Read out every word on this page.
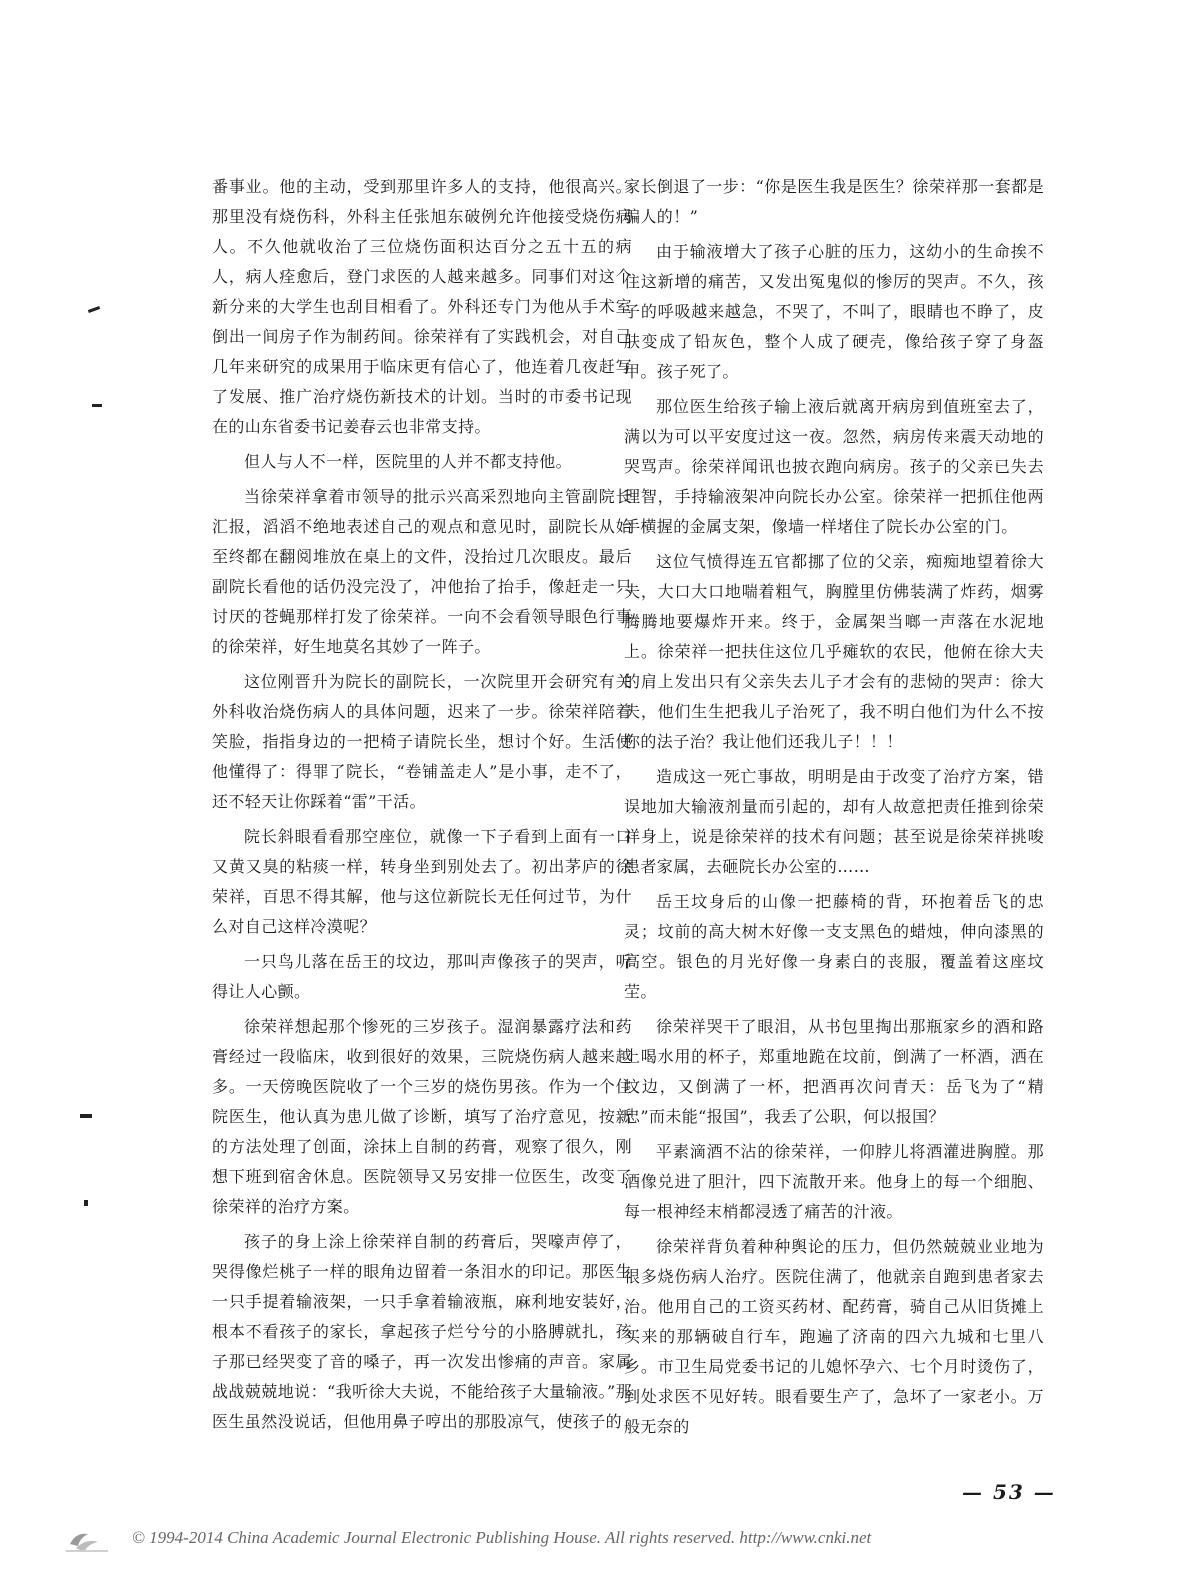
番事业。他的主动，受到那里许多人的支持，他很高兴。那里没有烧伤科，外科主任张旭东破例允许他接受烧伤病人。不久他就收治了三位烧伤面积达百分之五十五的病人，病人痊愈后，登门求医的人越来越多。同事们对这个新分来的大学生也刮目相看了。外科还专门为他从手术室倒出一间房子作为制药间。徐荣祥有了实践机会，对自己几年来研究的成果用于临床更有信心了，他连着几夜赶写了发展、推广治疗烧伤新技术的计划。当时的市委书记现在的山东省委书记姜春云也非常支持。

但人与人不一样，医院里的人并不都支持他。

当徐荣祥拿着市领导的批示兴高采烈地向主管副院长汇报，滔滔不绝地表述自己的观点和意见时，副院长从始至终都在翻阅堆放在桌上的文件，没抬过几次眼皮。最后副院长看他的话仍没完没了，冲他抬了抬手，像赶走一只讨厌的苍蝇那样打发了徐荣祥。一向不会看领导眼色行事的徐荣祥，好生地莫名其妙了一阵子。

这位刚晋升为院长的副院长，一次院里开会研究有关外科收治烧伤病人的具体问题，迟来了一步。徐荣祥陪着笑脸，指指身边的一把椅子请院长坐，想讨个好。生活使他懂得了：得罪了院长，“卷铺盖走人”是小事，走不了，还不轻天让你踩着“雷”干活。

院长斜眼看看那空座位，就像一下子看到上面有一口又黄又臭的粘痰一样，转身坐到别处去了。初出茅庐的徐荣祥，百思不得其解，他与这位新院长无任何过节，为什么对自己这样冷漠呢？

一只鸟儿落在岳王的坟边，那叫声像孩子的哭声，听得让人心颤。

徐荣祥想起那个惨死的三岁孩子。湿润暴露疗法和药膏经过一段临床，收到很好的效果，三院烧伤病人越来越多。一天傍晚医院收了一个三岁的烧伤男孩。作为一个住院医生，他认真为患儿做了诊断，填写了治疗意见，按新的方法处理了创面，涂抹上自制的药膏，观察了很久，刚想下班到宿舍休息。医院领导又另安排一位医生，改变了徐荣祥的治疗方案。

孩子的身上涂上徐荣祥自制的药膏后，哭嚎声停了，哭得像烂桃子一样的眼角边留着一条泪水的印记。那医生一只手提着输液架，一只手拿着输液瓶，麻利地安装好，根本不看孩子的家长，拿起孩子烂兮兮的小胳膊就扎，孩子那已经哭变了音的嗓子，再一次发出惨痛的声音。家属战战兢兢地说：“我听徐大夫说，不能给孩子大量输液。”那医生虽然没说话，但他用鼻子哼出的那股凉气，使孩子的

家长倒退了一步：“你是医生我是医生？徐荣祥那一套都是骗人的！”

由于输液增大了孩子心脏的压力，这幼小的生命挨不住这新增的痛苦，又发出冤鬼似的惨厉的哭声。不久，孩子的呼吸越来越急，不哭了，不叫了，眼睛也不睁了，皮肤变成了铅灰色，整个人成了硬壳，像给孩子穿了身盔甲。孩子死了。

那位医生给孩子输上液后就离开病房到值班室去了，满以为可以平安度过这一夜。忽然，病房传来震天动地的哭骂声。徐荣祥闻讯也披衣跑向病房。孩子的父亲已失去理智，手持输液架冲向院长办公室。徐荣祥一把抓住他两手横握的金属支架，像墙一样堵住了院长办公室的门。

这位气愤得连五官都挪了位的父亲，痴痴地望着徐大夫，大口大口地喘着粗气，胸膛里仿佛装满了炸药，烟雾腾腾地要爆炸开来。终于，金属架当啷一声落在水泥地上。徐荣祥一把扶住这位几乎瘫软的农民，他俯在徐大夫的肩上发出只有父亲失去儿子才会有的悲恸的哭声：徐大夫，他们生生把我儿子治死了，我不明白他们为什么不按你的法子治？我让他们还我儿子！！！

造成这一死亡事故，明明是由于改变了治疗方案，错误地加大输液剂量而引起的，却有人故意把责任推到徐荣祥身上，说是徐荣祥的技术有问题；甚至说是徐荣祥挑唆患者家属，去砸院长办公室的……

岳王坟身后的山像一把藤椅的背，环抱着岳飞的忠灵；坟前的高大树木好像一支支黑色的蜡烛，伸向漆黑的高空。银色的月光好像一身素白的丧服，覆盖着这座坟茔。

徐荣祥哭干了眼泪，从书包里掏出那瓶家乡的酒和路上喝水用的杯子，郑重地跪在坟前，倒满了一杯酒，洒在坟边，又倒满了一杯，把酒再次问青天：岳飞为了“精忠”而未能“报国”，我丢了公职，何以报国？

平素滴酒不沾的徐荣祥，一仰脖儿将酒灌进胸膛。那酒像兑进了胆汁，四下流散开来。他身上的每一个细胞、每一根神经末梢都浸透了痛苦的汁液。

徐荣祥背负着种种舆论的压力，但仍然兢兢业业地为很多烧伤病人治疗。医院住满了，他就亲自跑到患者家去治。他用自己的工资买药材、配药膏，骑自己从旧货摊上买来的那辆破自行车，跑遍了济南的四六九城和七里八乡。市卫生局党委书记的儿媳怀孕六、七个月时烫伤了，到处求医不见好转。眼看要生产了，急坏了一家老小。万般无奈的

— 53 —
© 1994-2014 China Academic Journal Electronic Publishing House. All rights reserved. http://www.cnki.net
